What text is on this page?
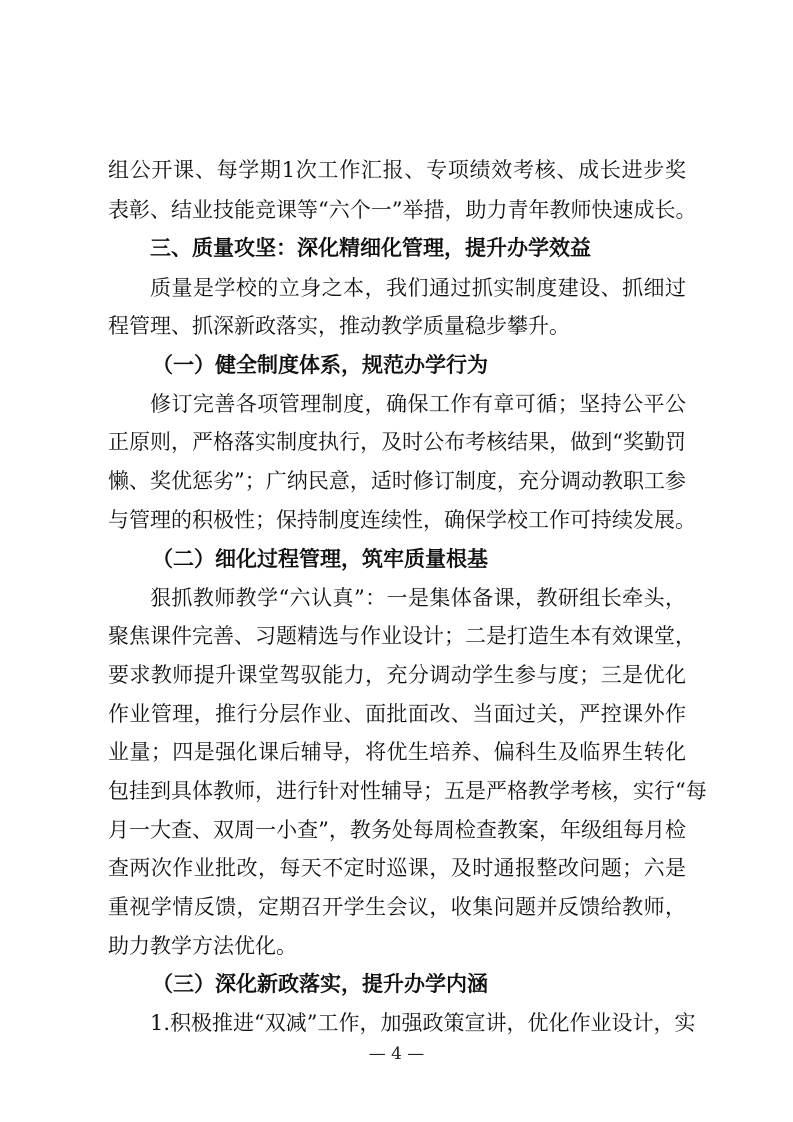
组公开课、每学期1次工作汇报、专项绩效考核、成长进步奖
表彰、结业技能竞课等“六个一”举措，助力青年教师快速成长。
三、质量攻坚：深化精细化管理，提升办学效益
质量是学校的立身之本，我们通过抓实制度建设、抓细过
程管理、抓深新政落实，推动教学质量稳步攀升。
（一）健全制度体系，规范办学行为
修订完善各项管理制度，确保工作有章可循；坚持公平公
正原则，严格落实制度执行，及时公布考核结果，做到“奖勤罚
懒、奖优惩劣”；广纳民意，适时修订制度，充分调动教职工参
与管理的积极性；保持制度连续性，确保学校工作可持续发展。
（二）细化过程管理，筑牢质量根基
狠抓教师教学“六认真”：一是集体备课，教研组长牵头，
聚焦课件完善、习题精选与作业设计；二是打造生本有效课堂，
要求教师提升课堂驾驭能力，充分调动学生参与度；三是优化
作业管理，推行分层作业、面批面改、当面过关，严控课外作
业量；四是强化课后辅导，将优生培养、偏科生及临界生转化
包挂到具体教师，进行针对性辅导；五是严格教学考核，实行“每
月一大查、双周一小查”，教务处每周检查教案，年级组每月检
查两次作业批改，每天不定时巡课，及时通报整改问题；六是
重视学情反馈，定期召开学生会议，收集问题并反馈给教师，
助力教学方法优化。
（三）深化新政落实，提升办学内涵
1.积极推进“双减”工作，加强政策宣讲，优化作业设计，实
— 4 —
